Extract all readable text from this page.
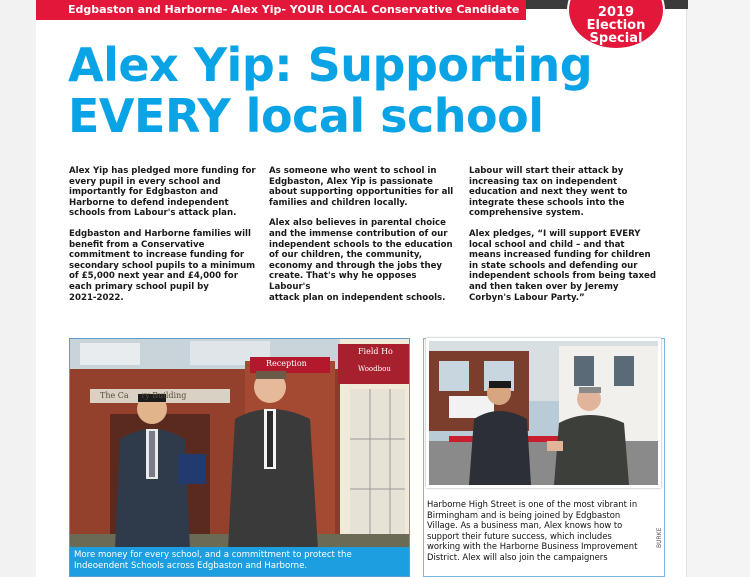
Edgbaston and Harborne- Alex Yip- YOUR LOCAL Conservative Candidate	2019
Election
Special
Alex Yip: Supporting
EVERY local school

Alex Yip has pledged more funding for
every pupil in every school and
importantly for Edgbaston and
Harborne to defend independent
schools from Labour's attack plan.

Edgbaston and Harborne families will
benefit from a Conservative
commitment to increase funding for
secondary school pupils to a minimum
of £5,000 next year and £4,000 for
each primary school pupil by
2021-2022.

As someone who went to school in
Edgbaston, Alex Yip is passionate
about supporting opportunities for all
families and children locally.

Alex also believes in parental choice
and the immense contribution of our
independent schools to the education
of our children, the community,
economy and through the jobs they
create. That's why he opposes Labour's
attack plan on independent schools.

Labour will start their attack by
increasing tax on independent
education and next they went to
integrate these schools into the
comprehensive system.

Alex pledges, “I will support EVERY
local school and child – and that
means increased funding for children
in state schools and defending our
independent schools from being taxed
and then taken over by Jeremy
Corbyn's Labour Party.”

Reception
The Ca     ry Building
Field Ho
Woodbou
More money for every school, and a committment to protect the
Indeoendent Schools across Edgbaston and Harborne.
Harborne High Street is one of the most vibrant in
Birmingham and is being joined by Edgbaston
Village. As a business man, Alex knows how to
support their future success, which includes
working with the Harborne Business Improvement
District. Alex will also join the campaigners
BURKE
